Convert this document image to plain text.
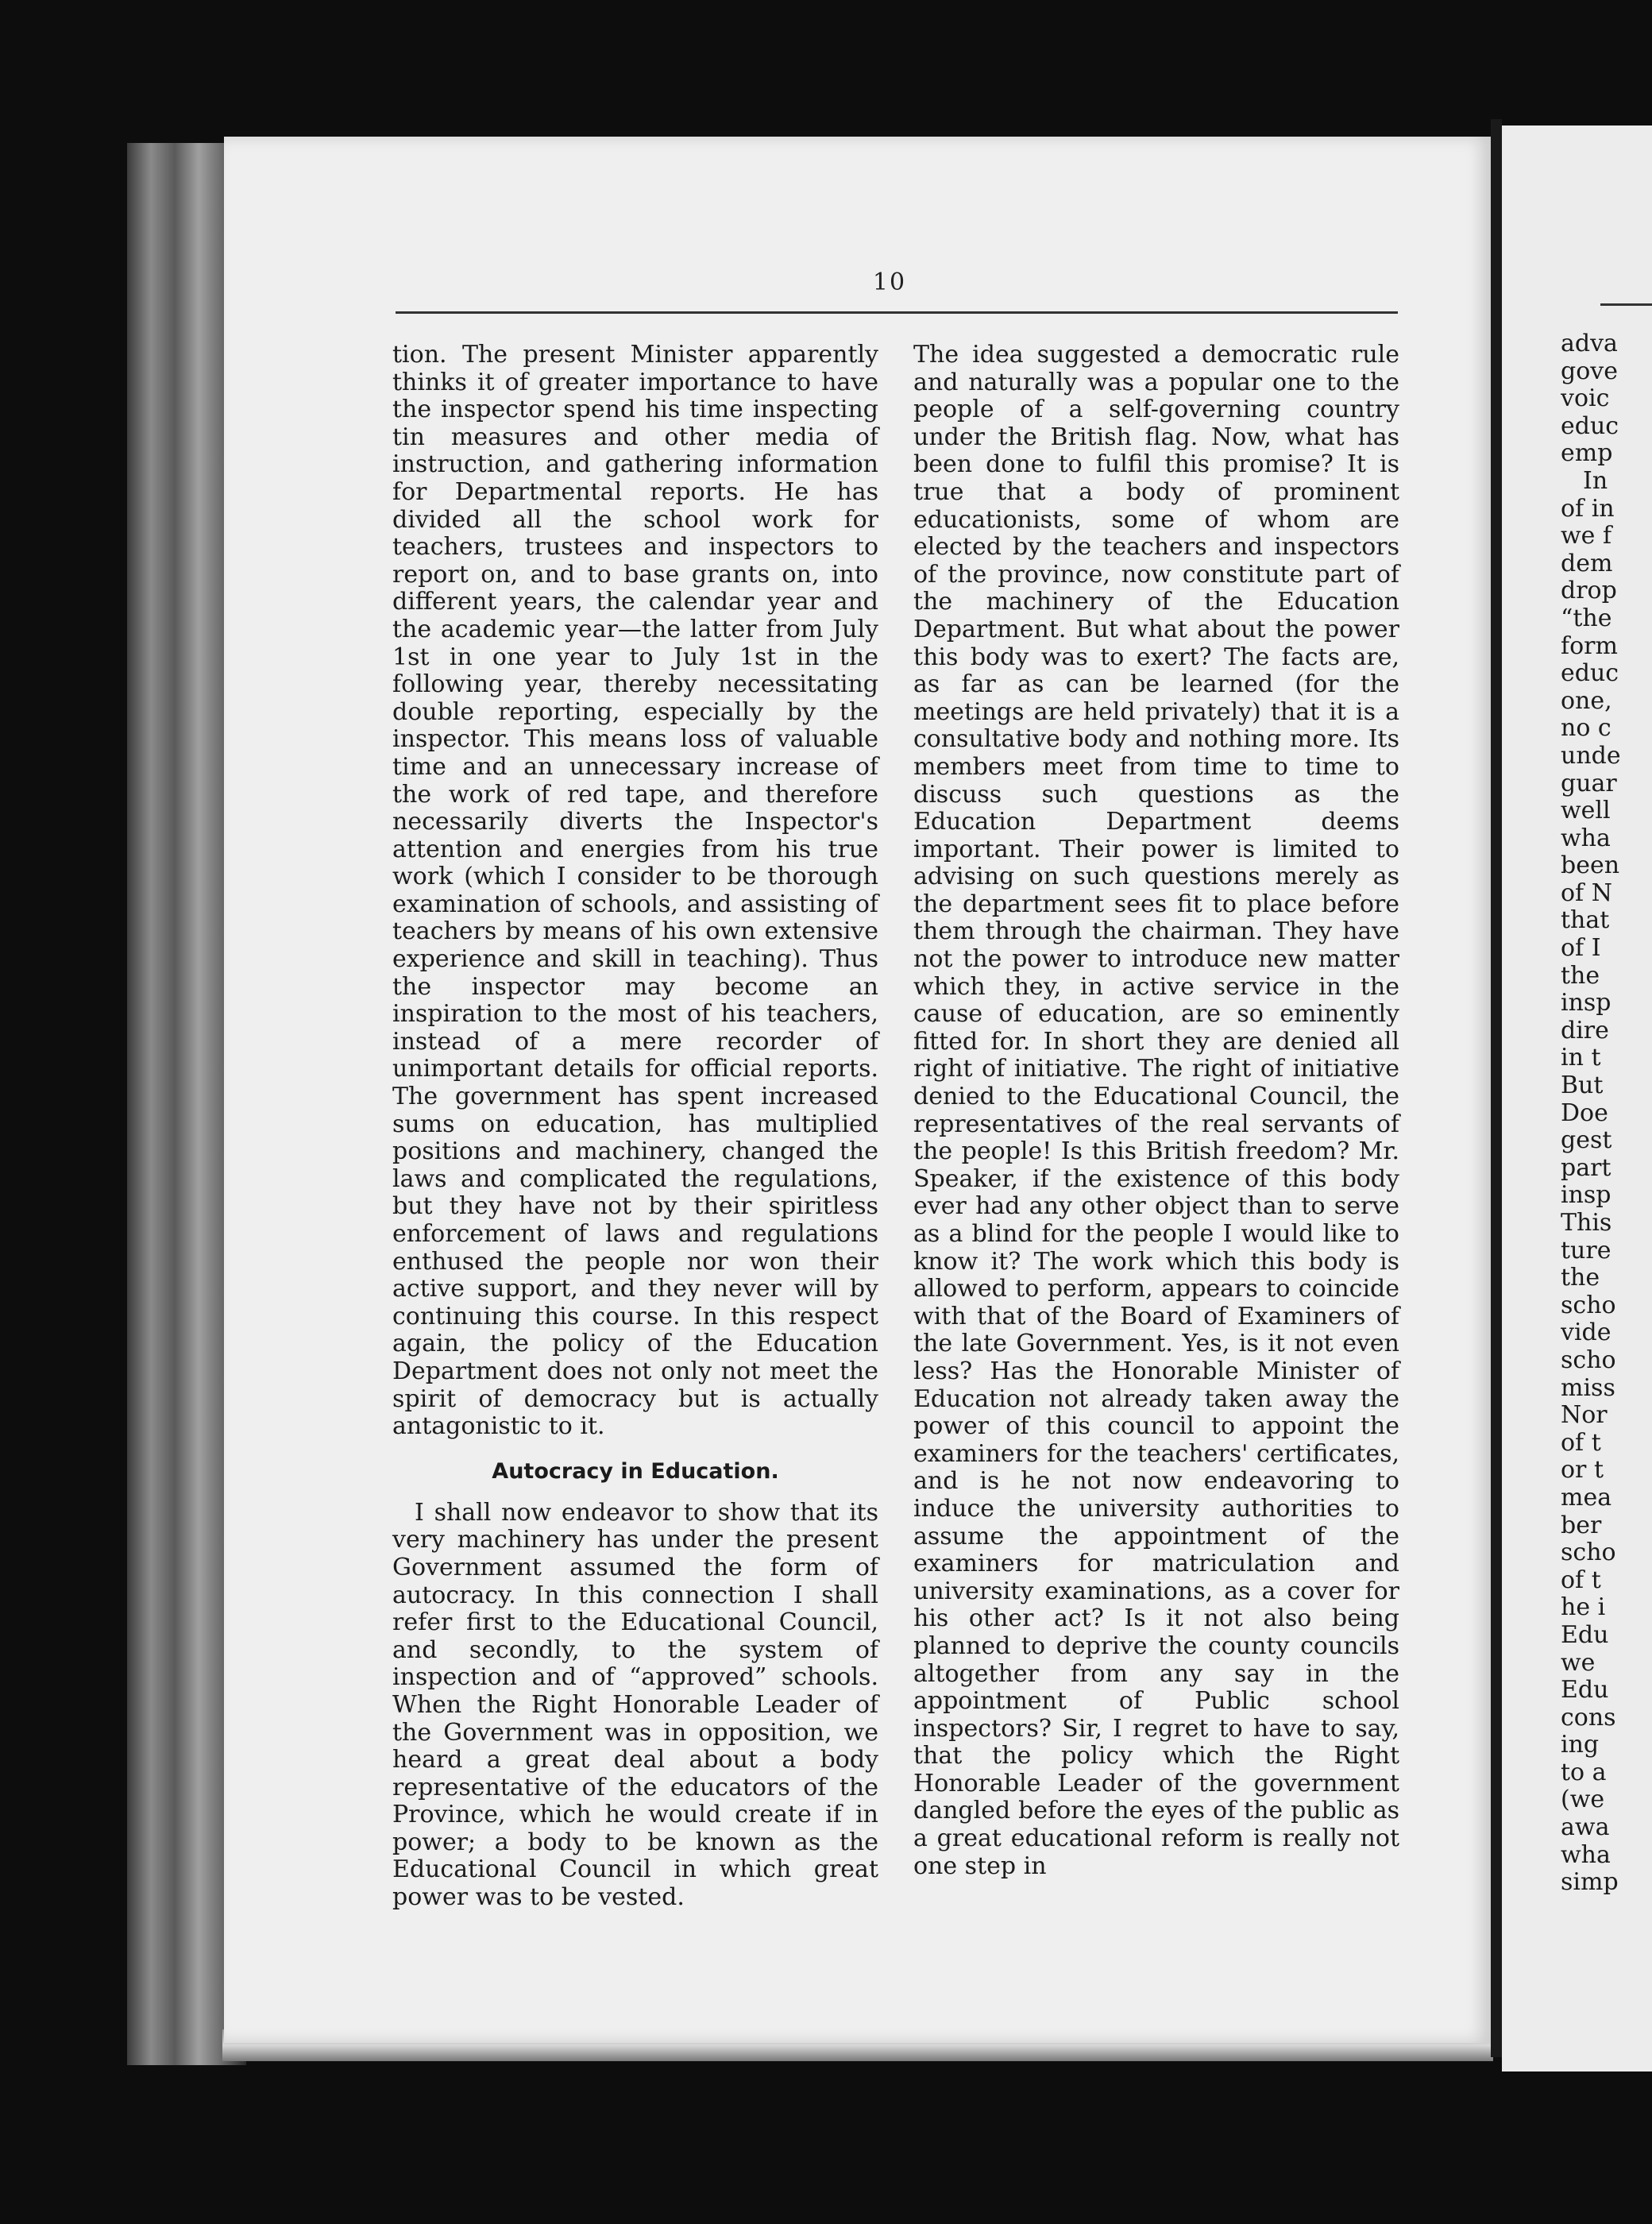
10

tion. The present Minister apparently thinks it of greater importance to have the inspector spend his time inspecting tin measures and other media of instruction, and gathering information for Departmental reports. He has divided all the school work for teachers, trustees and inspectors to report on, and to base grants on, into different years, the calendar year and the academic year—the latter from July 1st in one year to July 1st in the following year, thereby necessitating double reporting, especially by the inspector. This means loss of valuable time and an unnecessary increase of the work of red tape, and therefore necessarily diverts the Inspector's attention and energies from his true work (which I consider to be thorough examination of schools, and assisting of teachers by means of his own extensive experience and skill in teaching). Thus the inspector may become an inspiration to the most of his teachers, instead of a mere recorder of unimportant details for official reports. The government has spent increased sums on education, has multiplied positions and machinery, changed the laws and complicated the regulations, but they have not by their spiritless enforcement of laws and regulations enthused the people nor won their active support, and they never will by continuing this course. In this respect again, the policy of the Education Department does not only not meet the spirit of democracy but is actually antagonistic to it.

Autocracy in Education.

I shall now endeavor to show that its very machinery has under the present Government assumed the form of autocracy. In this connection I shall refer first to the Educational Council, and secondly, to the system of inspection and of “approved” schools. When the Right Honorable Leader of the Government was in opposition, we heard a great deal about a body representative of the educators of the Province, which he would create if in power; a body to be known as the Educational Council in which great power was to be vested.

The idea suggested a democratic rule and naturally was a popular one to the people of a self-governing country under the British flag. Now, what has been done to fulfil this promise? It is true that a body of prominent educationists, some of whom are elected by the teachers and inspectors of the province, now constitute part of the machinery of the Education Department. But what about the power this body was to exert? The facts are, as far as can be learned (for the meetings are held privately) that it is a consultative body and nothing more. Its members meet from time to time to discuss such questions as the Education Department deems important. Their power is limited to advising on such questions merely as the department sees fit to place before them through the chairman. They have not the power to introduce new matter which they, in active service in the cause of education, are so eminently fitted for. In short they are denied all right of initiative. The right of initiative denied to the Educational Council, the representatives of the real servants of the people! Is this British freedom? Mr. Speaker, if the existence of this body ever had any other object than to serve as a blind for the people I would like to know it? The work which this body is allowed to perform, appears to coincide with that of the Board of Examiners of the late Government. Yes, is it not even less? Has the Honorable Minister of Education not already taken away the power of this council to appoint the examiners for the teachers' certificates, and is he not now endeavoring to induce the university authorities to assume the appointment of the examiners for matriculation and university examinations, as a cover for his other act? Is it not also being planned to deprive the county councils altogether from any say in the appointment of Public school inspectors? Sir, I regret to have to say, that the policy which the Right Honorable Leader of the government dangled before the eyes of the public as a great educational reform is really not one step in

adva
gove
voic
educ
emp
In
of in
we f
dem
drop
“the
form
educ
one,
no c
unde
guar
well
wha
been
of N
that
of I
the
insp
dire
in t
But
Doe
gest
part
insp
This
ture
the
scho
vide
scho
miss
Nor
of t
or t
mea
ber
scho
of t
he i
Edu
we
Edu
cons
ing
to a
(we
awa
wha
simp
